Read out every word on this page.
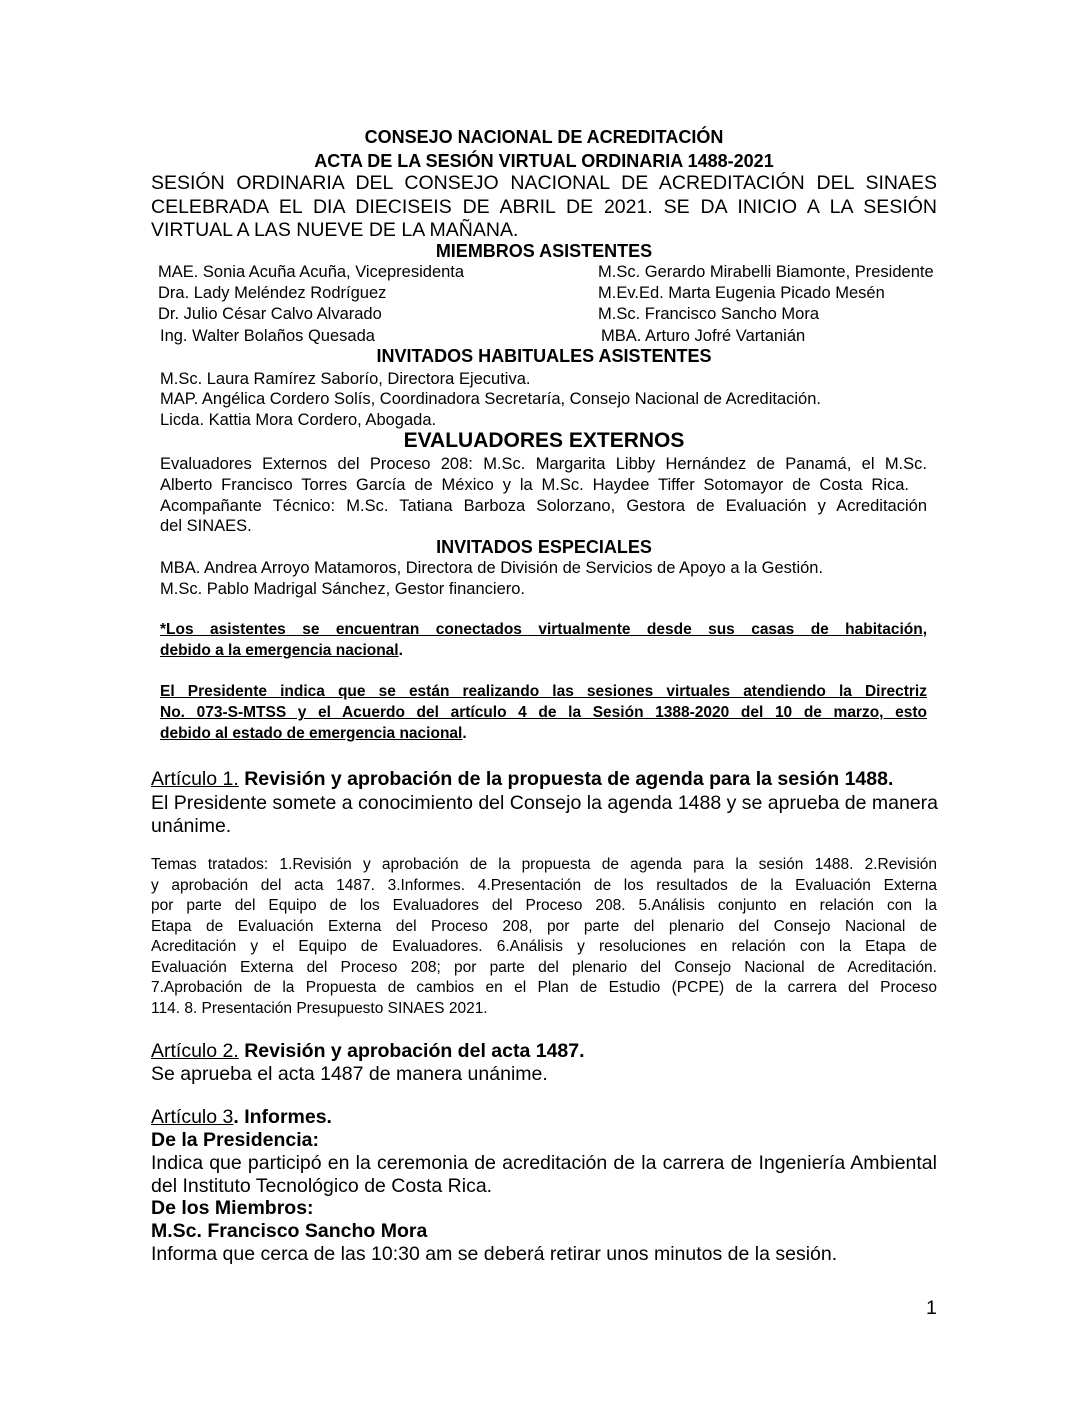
CONSEJO NACIONAL DE ACREDITACIÓN
ACTA DE LA SESIÓN VIRTUAL ORDINARIA 1488-2021
SESIÓN ORDINARIA DEL CONSEJO NACIONAL DE ACREDITACIÓN DEL SINAES
CELEBRADA EL DIA DIECISEIS DE ABRIL DE 2021. SE DA INICIO A LA SESIÓN
VIRTUAL A LAS NUEVE DE LA MAÑANA.
MIEMBROS ASISTENTES
MAE. Sonia Acuña Acuña, Vicepresidenta
Dra. Lady Meléndez Rodríguez
Dr. Julio César Calvo Alvarado
Ing. Walter Bolaños Quesada
M.Sc. Gerardo Mirabelli Biamonte, Presidente
M.Ev.Ed. Marta Eugenia Picado Mesén
M.Sc. Francisco Sancho Mora
MBA. Arturo Jofré Vartanián
INVITADOS HABITUALES ASISTENTES
M.Sc. Laura Ramírez Saborío, Directora Ejecutiva.
MAP. Angélica Cordero Solís, Coordinadora Secretaría, Consejo Nacional de Acreditación.
Licda. Kattia Mora Cordero, Abogada.
EVALUADORES EXTERNOS
Evaluadores Externos del Proceso 208: M.Sc. Margarita Libby Hernández de Panamá, el M.Sc.
Alberto Francisco Torres García de México y la M.Sc. Haydee Tiffer Sotomayor de Costa Rica.
Acompañante Técnico: M.Sc. Tatiana Barboza Solorzano, Gestora de Evaluación y Acreditación
del SINAES.
INVITADOS ESPECIALES
MBA. Andrea Arroyo Matamoros, Directora de División de Servicios de Apoyo a la Gestión.
M.Sc. Pablo Madrigal Sánchez, Gestor financiero.
*Los asistentes se encuentran conectados virtualmente desde sus casas de habitación,
debido a la emergencia nacional.
El Presidente indica que se están realizando las sesiones virtuales atendiendo la Directriz
No. 073-S-MTSS y el Acuerdo del artículo 4 de la Sesión 1388-2020 del 10 de marzo, esto
debido al estado de emergencia nacional.
Artículo 1. Revisión y aprobación de la propuesta de agenda para la sesión 1488.
El Presidente somete a conocimiento del Consejo la agenda 1488 y se aprueba de manera
unánime.
Temas tratados: 1.Revisión y aprobación de la propuesta de agenda para la sesión 1488. 2.Revisión
y aprobación del acta 1487. 3.Informes. 4.Presentación de los resultados de la Evaluación Externa
por parte del Equipo de los Evaluadores del Proceso 208. 5.Análisis conjunto en relación con la
Etapa de Evaluación Externa del Proceso 208, por parte del plenario del Consejo Nacional de
Acreditación y el Equipo de Evaluadores. 6.Análisis y resoluciones en relación con la Etapa de
Evaluación Externa del Proceso 208; por parte del plenario del Consejo Nacional de Acreditación.
7.Aprobación de la Propuesta de cambios en el Plan de Estudio (PCPE) de la carrera del Proceso
114. 8. Presentación Presupuesto SINAES 2021.
Artículo 2. Revisión y aprobación del acta 1487.
Se aprueba el acta 1487 de manera unánime.
Artículo 3. Informes.
De la Presidencia:
Indica que participó en la ceremonia de acreditación de la carrera de Ingeniería Ambiental
del Instituto Tecnológico de Costa Rica.
De los Miembros:
M.Sc. Francisco Sancho Mora
Informa que cerca de las 10:30 am se deberá retirar unos minutos de la sesión.
1
